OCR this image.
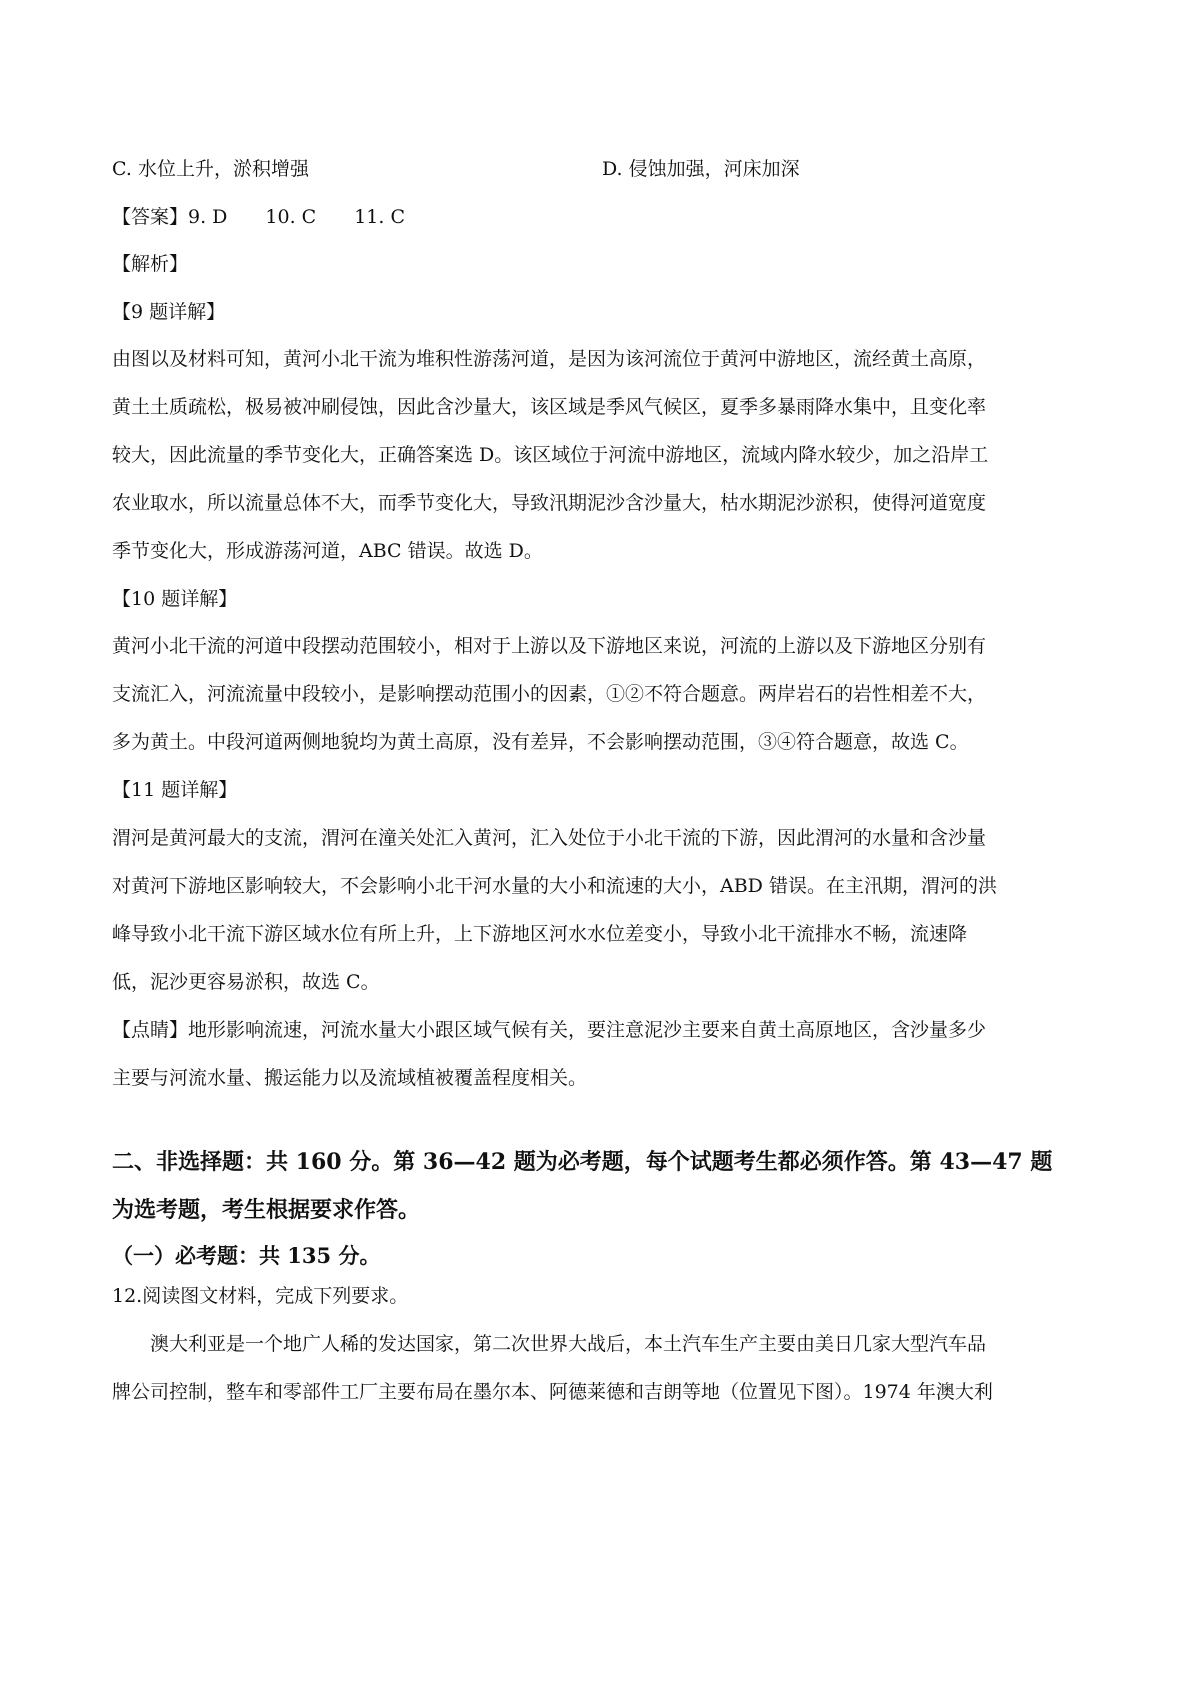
C. 水位上升，淤积增强	D. 侵蚀加强，河床加深
【答案】9. D 10. C 11. C
【解析】
【9 题详解】
由图以及材料可知，黄河小北干流为堆积性游荡河道，是因为该河流位于黄河中游地区，流经黄土高原，
黄土土质疏松，极易被冲刷侵蚀，因此含沙量大，该区域是季风气候区，夏季多暴雨降水集中，且变化率
较大，因此流量的季节变化大，正确答案选 D。该区域位于河流中游地区，流域内降水较少，加之沿岸工
农业取水，所以流量总体不大，而季节变化大，导致汛期泥沙含沙量大，枯水期泥沙淤积，使得河道宽度
季节变化大，形成游荡河道，ABC 错误。故选 D。
【10 题详解】
黄河小北干流的河道中段摆动范围较小，相对于上游以及下游地区来说，河流的上游以及下游地区分别有
支流汇入，河流流量中段较小，是影响摆动范围小的因素，①②不符合题意。两岸岩石的岩性相差不大，
多为黄土。中段河道两侧地貌均为黄土高原，没有差异，不会影响摆动范围，③④符合题意，故选 C。
【11 题详解】
渭河是黄河最大的支流，渭河在潼关处汇入黄河，汇入处位于小北干流的下游，因此渭河的水量和含沙量
对黄河下游地区影响较大，不会影响小北干河水量的大小和流速的大小，ABD 错误。在主汛期，渭河的洪
峰导致小北干流下游区域水位有所上升，上下游地区河水水位差变小，导致小北干流排水不畅，流速降
低，泥沙更容易淤积，故选 C。
【点睛】地形影响流速，河流水量大小跟区域气候有关，要注意泥沙主要来自黄土高原地区，含沙量多少
主要与河流水量、搬运能力以及流域植被覆盖程度相关。
二、非选择题：共 160 分。第 36—42 题为必考题，每个试题考生都必须作答。第 43—47 题
为选考题，考生根据要求作答。
（一）必考题：共 135 分。
12.阅读图文材料，完成下列要求。
澳大利亚是一个地广人稀的发达国家，第二次世界大战后，本土汽车生产主要由美日几家大型汽车品
牌公司控制，整车和零部件工厂主要布局在墨尔本、阿德莱德和吉朗等地（位置见下图）。1974 年澳大利
